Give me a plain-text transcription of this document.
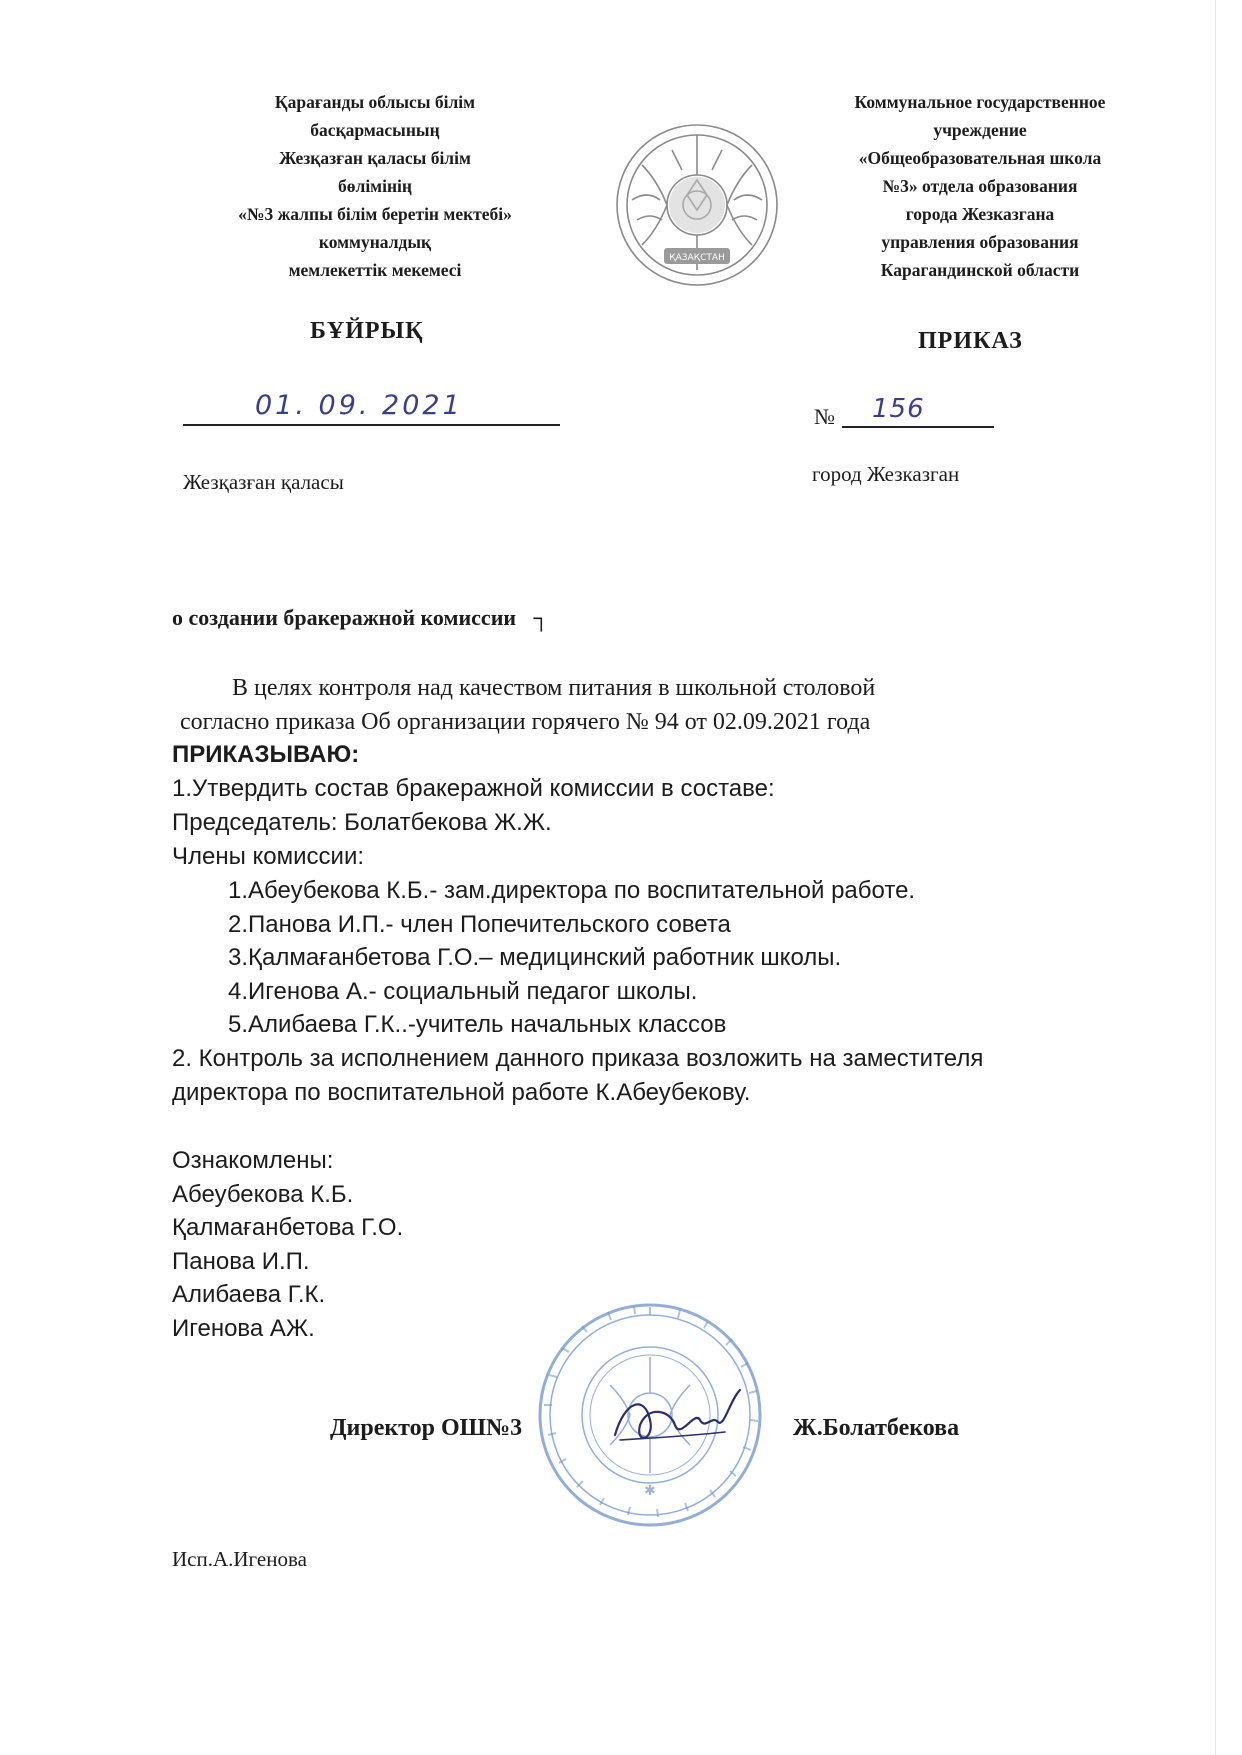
Қарағанды облысы білім
басқармасының
Жезқазған қаласы білім
бөлімінің
«№3 жалпы білім беретін мектебі»
коммуналдық
мемлекеттік мекемесі
ҚАЗАҚСТАН
Коммунальное государственное
учреждение
«Общеобразовательная школа
№3» отдела образования
города Жезказгана
управления образования
Карагандинской области
БҰЙРЫҚ	ПРИКАЗ
01. 09. 2021	№ 156
Жезқазған қаласы	город Жезказган
о создании бракеражной комиссии ┐
В целях контроля над качеством питания в школьной столовой
согласно приказа Об организации горячего № 94 от 02.09.2021 года
ПРИКАЗЫВАЮ:
1.Утвердить состав бракеражной комиссии в составе:
Председатель: Болатбекова Ж.Ж.
Члены комиссии:
1.Абеубекова К.Б.- зам.директора по воспитательной работе.
2.Панова И.П.- член Попечительского совета
3.Қалмағанбетова Г.О.– медицинский работник школы.
4.Игенова А.- социальный педагог школы.
5.Алибаева Г.К..-учитель начальных классов
2. Контроль за исполнением данного приказа возложить на заместителя
директора по воспитательной работе К.Абеубекову.
Ознакомлены:
Абеубекова К.Б.
Қалмағанбетова Г.О.
Панова И.П.
Алибаева Г.К.
Игенова АЖ.
✱
Директор ОШ№3	Ж.Болатбекова
Исп.А.Игенова
